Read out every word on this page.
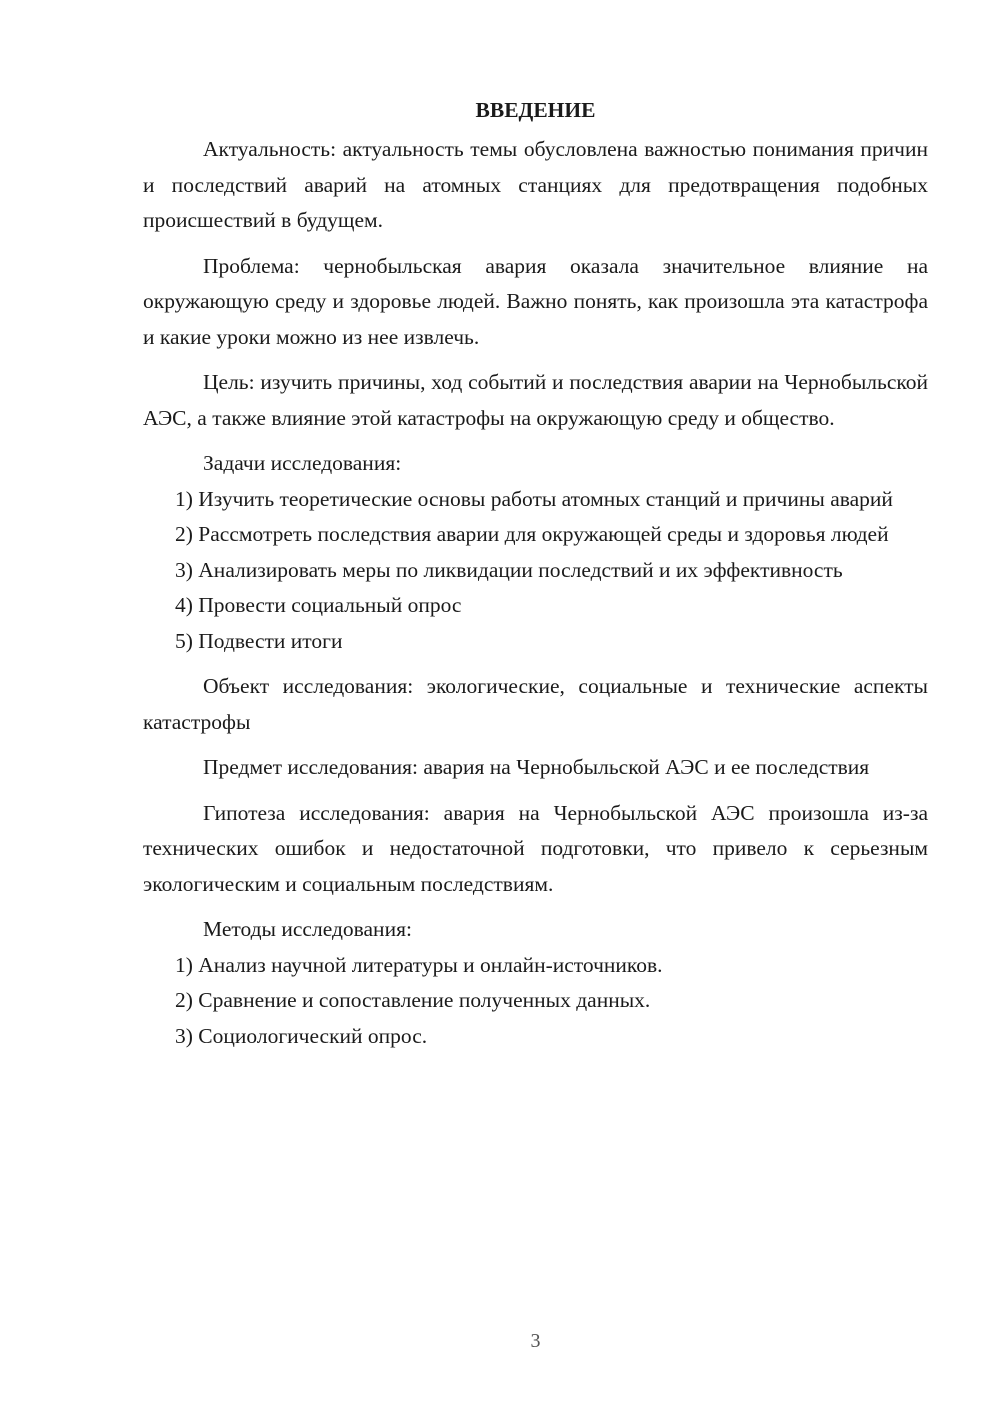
ВВЕДЕНИЕ

Актуальность: актуальность темы обусловлена важностью понимания причин и последствий аварий на атомных станциях для предотвращения подобных происшествий в будущем.

Проблема: чернобыльская авария оказала значительное влияние на окружающую среду и здоровье людей. Важно понять, как произошла эта катастрофа и какие уроки можно из нее извлечь.

Цель: изучить причины, ход событий и последствия аварии на Чернобыльской АЭС, а также влияние этой катастрофы на окружающую среду и общество.

Задачи исследования:

1) Изучить теоретические основы работы атомных станций и причины аварий

2) Рассмотреть последствия аварии для окружающей среды и здоровья людей

3) Анализировать меры по ликвидации последствий и их эффективность

4) Провести социальный опрос

5) Подвести итоги

Объект исследования: экологические, социальные и технические аспекты катастрофы

Предмет исследования: авария на Чернобыльской АЭС и ее последствия

Гипотеза исследования: авария на Чернобыльской АЭС произошла из-за технических ошибок и недостаточной подготовки, что привело к серьезным экологическим и социальным последствиям.

Методы исследования:

1) Анализ научной литературы и онлайн-источников.

2) Сравнение и сопоставление полученных данных.

3) Социологический опрос.

3
